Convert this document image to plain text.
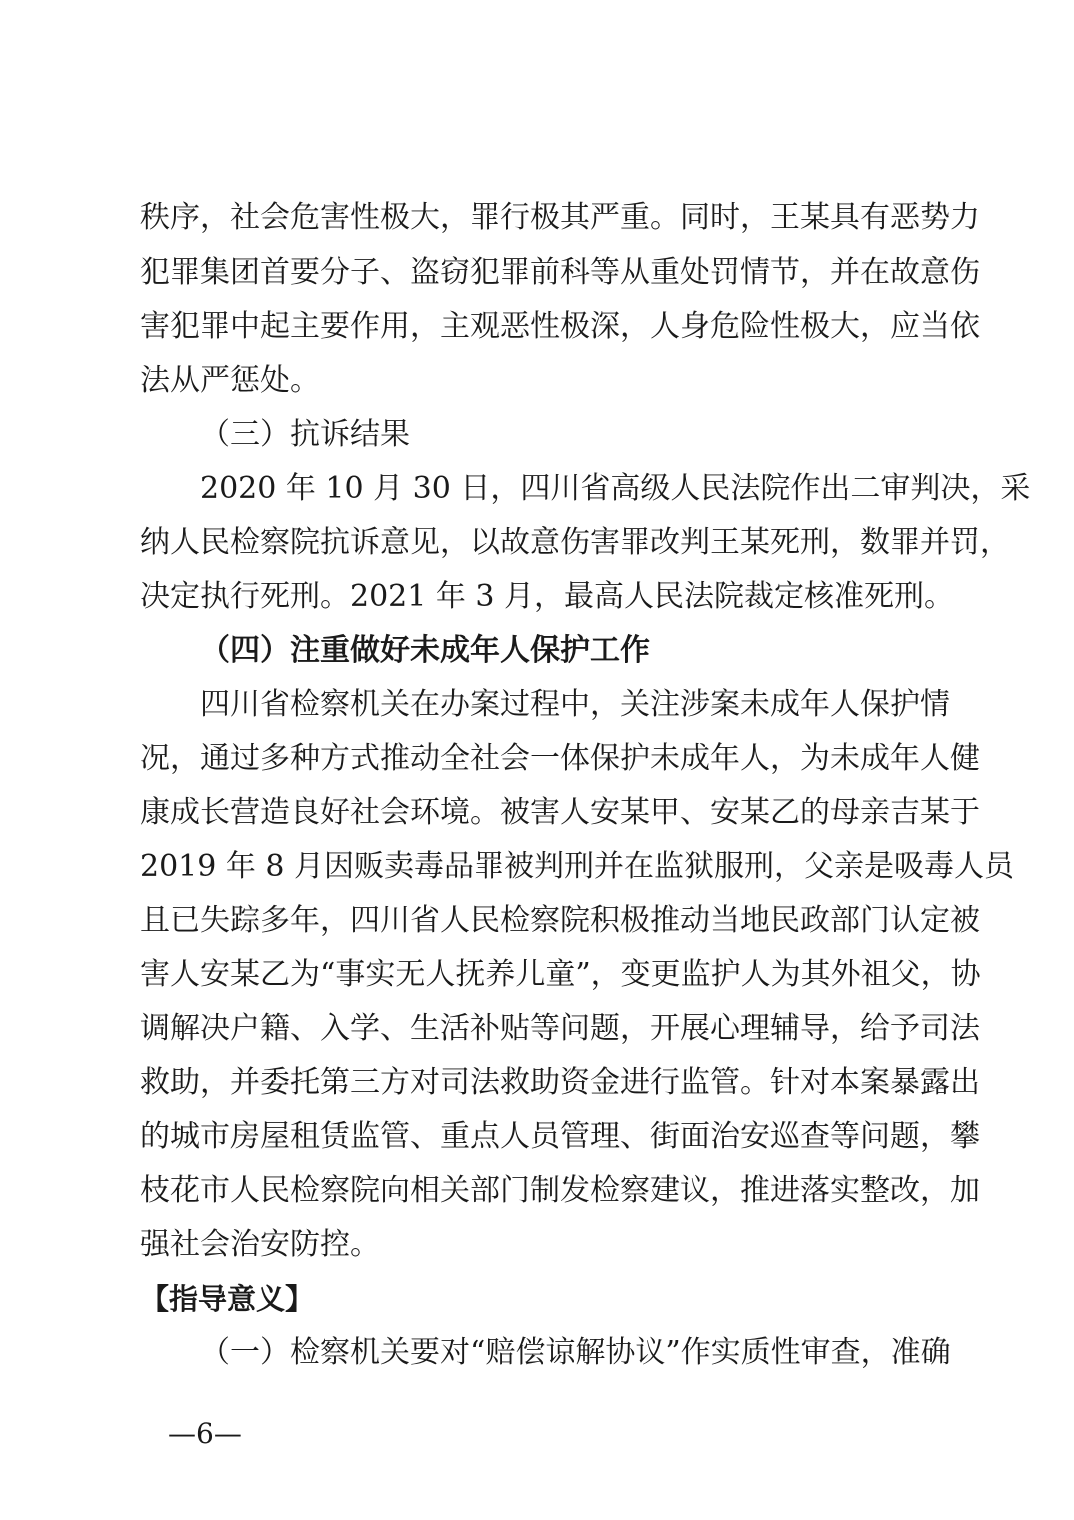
秩序，社会危害性极大，罪行极其严重。同时，王某具有恶势力
犯罪集团首要分子、盗窃犯罪前科等从重处罚情节，并在故意伤
害犯罪中起主要作用，主观恶性极深，人身危险性极大，应当依
法从严惩处。
（三）抗诉结果
2020 年 10 月 30 日，四川省高级人民法院作出二审判决，采
纳人民检察院抗诉意见，以故意伤害罪改判王某死刑，数罪并罚，
决定执行死刑。2021 年 3 月，最高人民法院裁定核准死刑。
（四）注重做好未成年人保护工作
四川省检察机关在办案过程中，关注涉案未成年人保护情
况，通过多种方式推动全社会一体保护未成年人，为未成年人健
康成长营造良好社会环境。被害人安某甲、安某乙的母亲吉某于
2019 年 8 月因贩卖毒品罪被判刑并在监狱服刑，父亲是吸毒人员
且已失踪多年，四川省人民检察院积极推动当地民政部门认定被
害人安某乙为“事实无人抚养儿童”，变更监护人为其外祖父，协
调解决户籍、入学、生活补贴等问题，开展心理辅导，给予司法
救助，并委托第三方对司法救助资金进行监管。针对本案暴露出
的城市房屋租赁监管、重点人员管理、街面治安巡查等问题，攀
枝花市人民检察院向相关部门制发检察建议，推进落实整改，加
强社会治安防控。
【指导意义】
（一）检察机关要对“赔偿谅解协议”作实质性审查，准确
—6—
